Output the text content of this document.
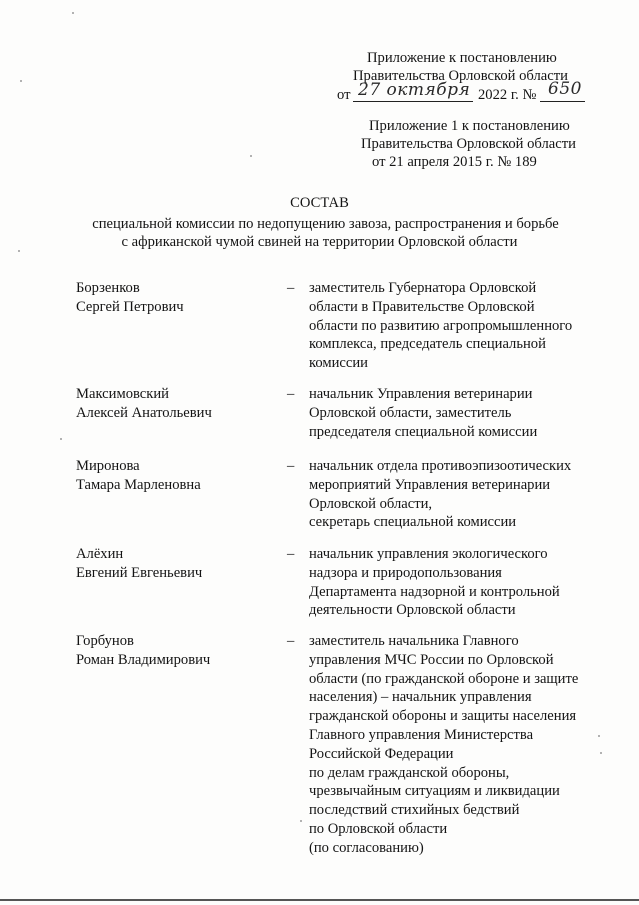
Приложение к постановлению
Правительства Орловской области
от 27 октября 2022 г. № 650
Приложение 1 к постановлению
Правительства Орловской области
от 21 апреля 2015 г. № 189
СОСТАВ
специальной комиссии по недопущению завоза, распространения и борьбе
с африканской чумой свиней на территории Орловской области
Борзенков
Сергей Петрович
– заместитель Губернатора Орловской
области в Правительстве Орловской
области по развитию агропромышленного
комплекса, председатель специальной
комиссии
Максимовский
Алексей Анатольевич
– начальник Управления ветеринарии
Орловской области, заместитель
председателя специальной комиссии
Миронова
Тамара Марленовна
– начальник отдела противоэпизоотических
мероприятий Управления ветеринарии
Орловской области,
секретарь специальной комиссии
Алёхин
Евгений Евгеньевич
– начальник управления экологического
надзора и природопользования
Департамента надзорной и контрольной
деятельности Орловской области
Горбунов
Роман Владимирович
– заместитель начальника Главного
управления МЧС России по Орловской
области (по гражданской обороне и защите
населения) – начальник управления
гражданской обороны и защиты населения
Главного управления Министерства
Российской Федерации
по делам гражданской обороны,
чрезвычайным ситуациям и ликвидации
последствий стихийных бедствий
по Орловской области
(по согласованию)
